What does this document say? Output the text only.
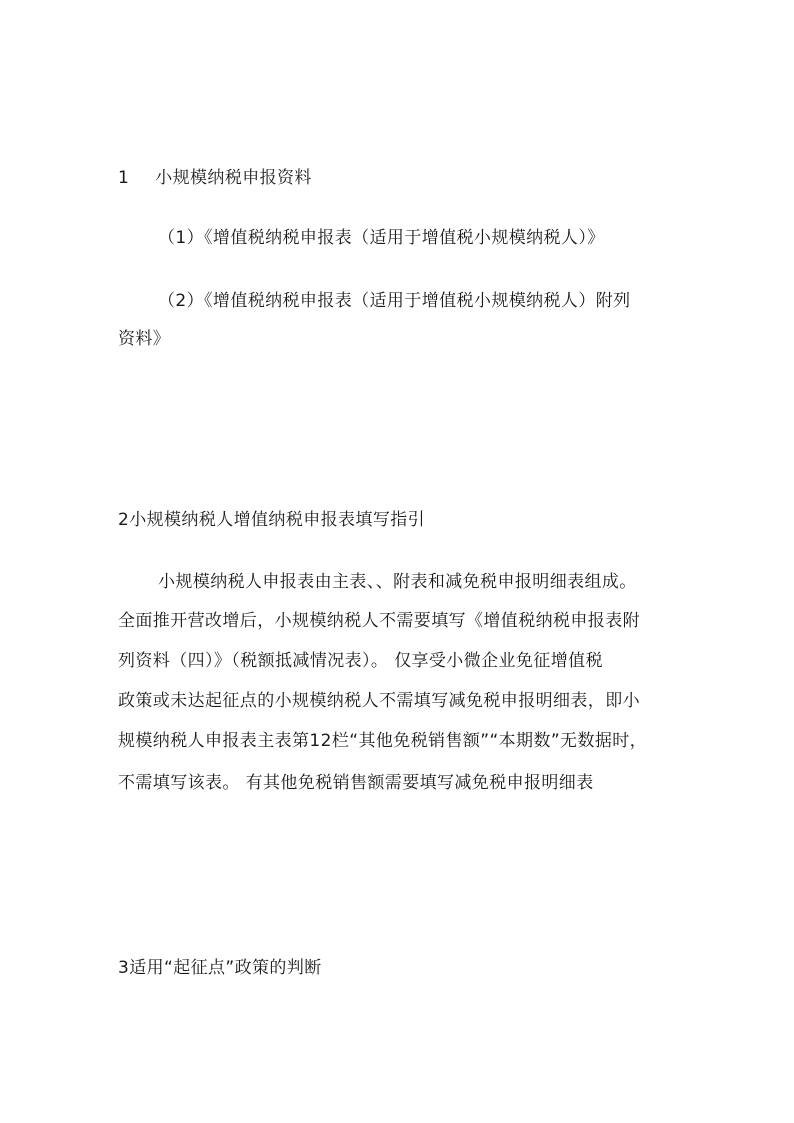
1 小规模纳税申报资料
（1）《增值税纳税申报表（适用于增值税小规模纳税人）》
（2）《增值税纳税申报表（适用于增值税小规模纳税人）附列
资料》
2小规模纳税人增值纳税申报表填写指引
小规模纳税人申报表由主表、、附表和减免税申报明细表组成。
全面推开营改增后，小规模纳税人不需要填写《增值税纳税申报表附
列资料（四）》（税额抵减情况表）。 仅享受小微企业免征增值税
政策或未达起征点的小规模纳税人不需填写减免税申报明细表，即小
规模纳税人申报表主表第12栏“其他免税销售额”“本期数”无数据时，
不需填写该表。 有其他免税销售额需要填写减免税申报明细表
3适用“起征点”政策的判断
